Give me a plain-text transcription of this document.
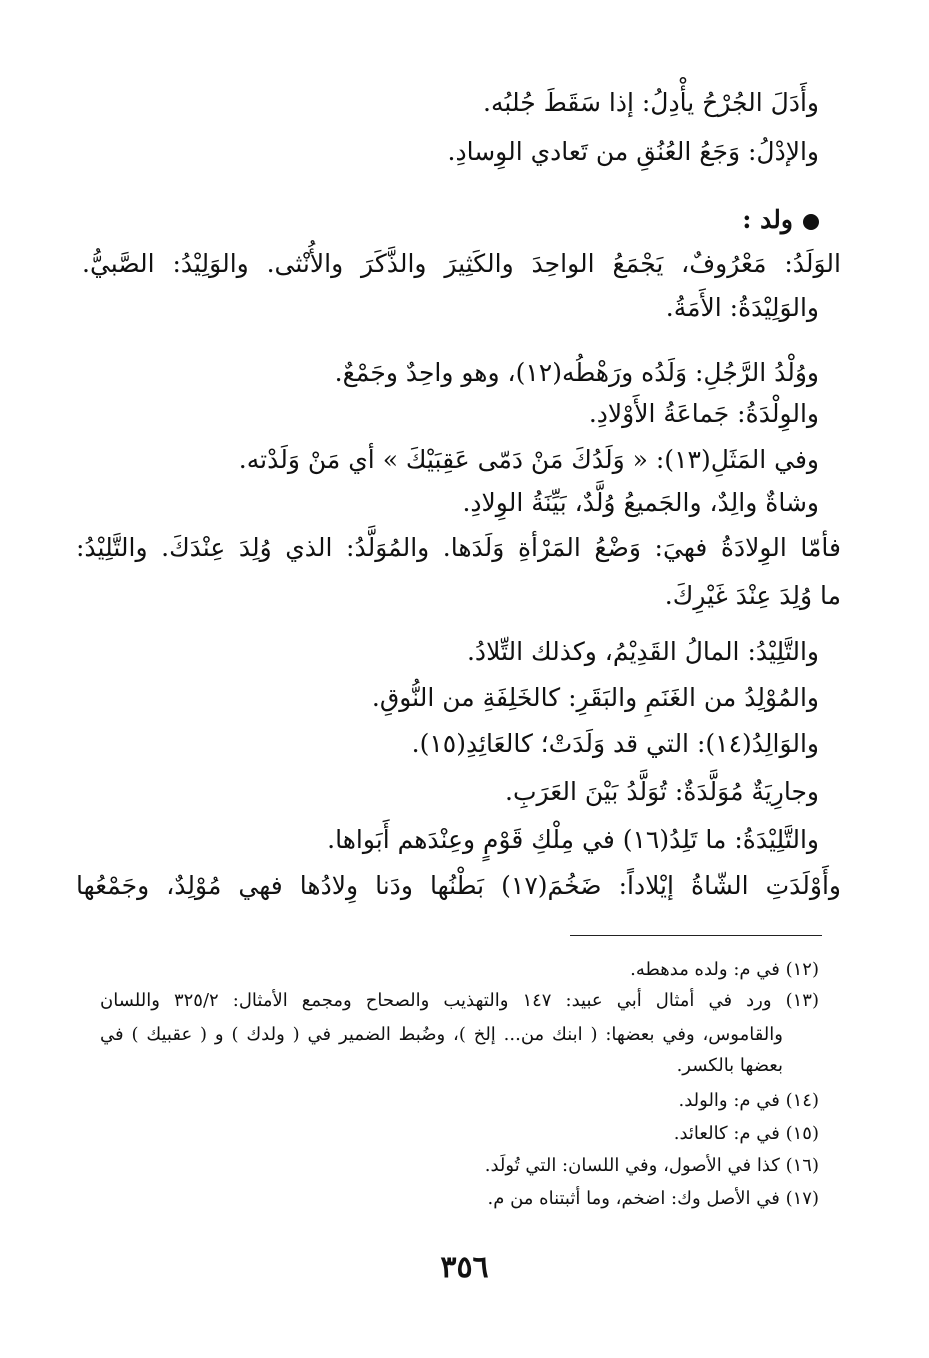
وأَدَلَ الجُرْحُ يأْدِلُ: إذا سَقَطَ جُلبُه.
والإدْلُ: وَجَعُ العُنُقِ من تَعادي الوِسادِ.
ولد :
الوَلَدُ: مَعْرُوفٌ، يَجْمَعُ الواحِدَ والكَثِيرَ والذَّكَرَ والأُنْثى. والوَلِيْدُ: الصَّبيُّ.
والوَلِيْدَةُ: الأَمَةُ.
ووُلْدُ الرَّجُلِ: وَلَدُه ورَهْطُه(١٢)، وهو واحِدٌ وجَمْعٌ.
والوِلْدَةُ: جَماعَةُ الأَوْلادِ.
وفي المَثَلِ(١٣): « وَلَدُكَ مَنْ دَمّى عَقِبَيْكَ » أي مَنْ وَلَدْته.
وشاةٌ والِدٌ، والجَميعُ وُلَّدٌ، بَيِّنَةُ الوِلادِ.
فأمّا الوِلادَةُ فهيَ: وَضْعُ المَرْأةِ وَلَدَها. والمُوَلَّدُ: الذي وُلِدَ عِنْدَكَ. والتَّلِيْدُ:
ما وُلِدَ عِنْدَ غَيْرِكَ.
والتَّلِيْدُ: المالُ القَدِيْمُ، وكذلك التِّلادُ.
والمُوْلِدُ من الغَنَمِ والبَقَرِ: كالخَلِفَةِ من النُّوقِ.
والوَالِدُ(١٤): التي قد وَلَدَتْ؛ كالعَائِدِ(١٥).
وجارِيَةٌ مُوَلَّدَةٌ: تُوَلَّدُ بَيْنَ العَرَبِ.
والتَّلِيْدَةُ: ما تَلِدُ(١٦) في مِلْكِ قَوْمٍ وعِنْدَهم أَبَواها.
وأَوْلَدَتِ الشّاةُ إيْلاداً: ضَخُمَ(١٧) بَطْنُها ودَنا وِلادُها فهي مُوْلِدٌ، وجَمْعُها
(١٢) في م: ولده مدهطه.
(١٣) ورد في أمثال أبي عبيد: ١٤٧ والتهذيب والصحاح ومجمع الأمثال: ٣٢٥/٢ واللسان
والقاموس، وفي بعضها: ( ابنك من... إلخ )، وضُبط الضمير في ( ولدك ) و ( عقبيك ) في
بعضها بالكسر.
(١٤) في م: والولد.
(١٥) في م: كالعائد.
(١٦) كذا في الأصول، وفي اللسان: التي تُولَد.
(١٧) في الأصل وك: اضخم، وما أثبتناه من م.
٣٥٦
